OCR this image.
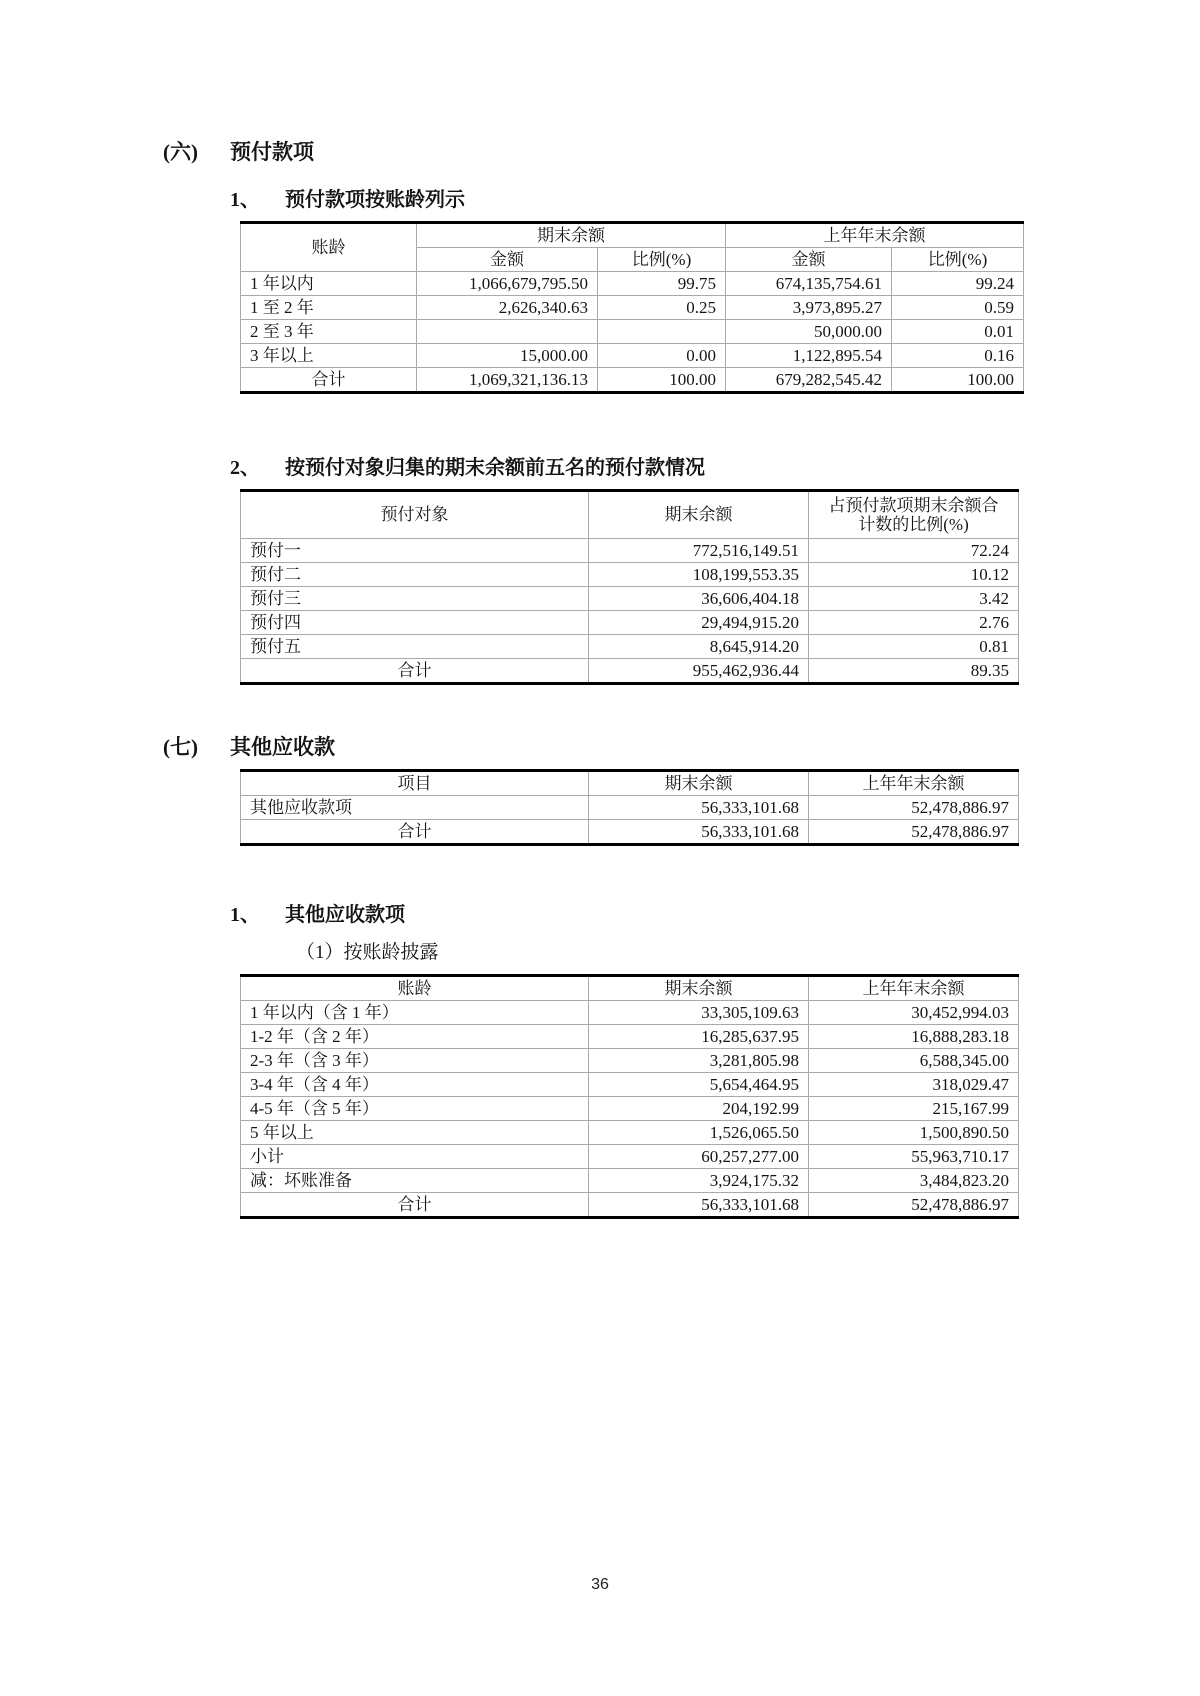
(六)	预付款项
1、	预付款项按账龄列示
账龄	期末余额		上年年末余额	
	金额	比例(%)	金额	比例(%)
1 年以内	1,066,679,795.50	99.75	674,135,754.61	99.24
1 至 2 年	2,626,340.63	0.25	3,973,895.27	0.59
2 至 3 年			50,000.00	0.01
3 年以上	15,000.00	0.00	1,122,895.54	0.16
合计	1,069,321,136.13	100.00	679,282,545.42	100.00
2、	按预付对象归集的期末余额前五名的预付款情况
预付对象	期末余额	占预付款项期末余额合
计数的比例(%)

预付一	772,516,149.51	72.24
预付二	108,199,553.35	10.12
预付三	36,606,404.18	3.42
预付四	29,494,915.20	2.76
预付五	8,645,914.20	0.81
合计	955,462,936.44	89.35
(七)	其他应收款
项目	期末余额	上年年末余额
其他应收款项	56,333,101.68	52,478,886.97
合计	56,333,101.68	52,478,886.97
1、	其他应收款项
（1）按账龄披露
账龄	期末余额	上年年末余额
1 年以内（含 1 年）	33,305,109.63	30,452,994.03
1-2 年（含 2 年）	16,285,637.95	16,888,283.18
2-3 年（含 3 年）	3,281,805.98	6,588,345.00
3-4 年（含 4 年）	5,654,464.95	318,029.47
4-5 年（含 5 年）	204,192.99	215,167.99
5 年以上	1,526,065.50	1,500,890.50
小计	60,257,277.00	55,963,710.17
减：坏账准备	3,924,175.32	3,484,823.20
合计	56,333,101.68	52,478,886.97
36
